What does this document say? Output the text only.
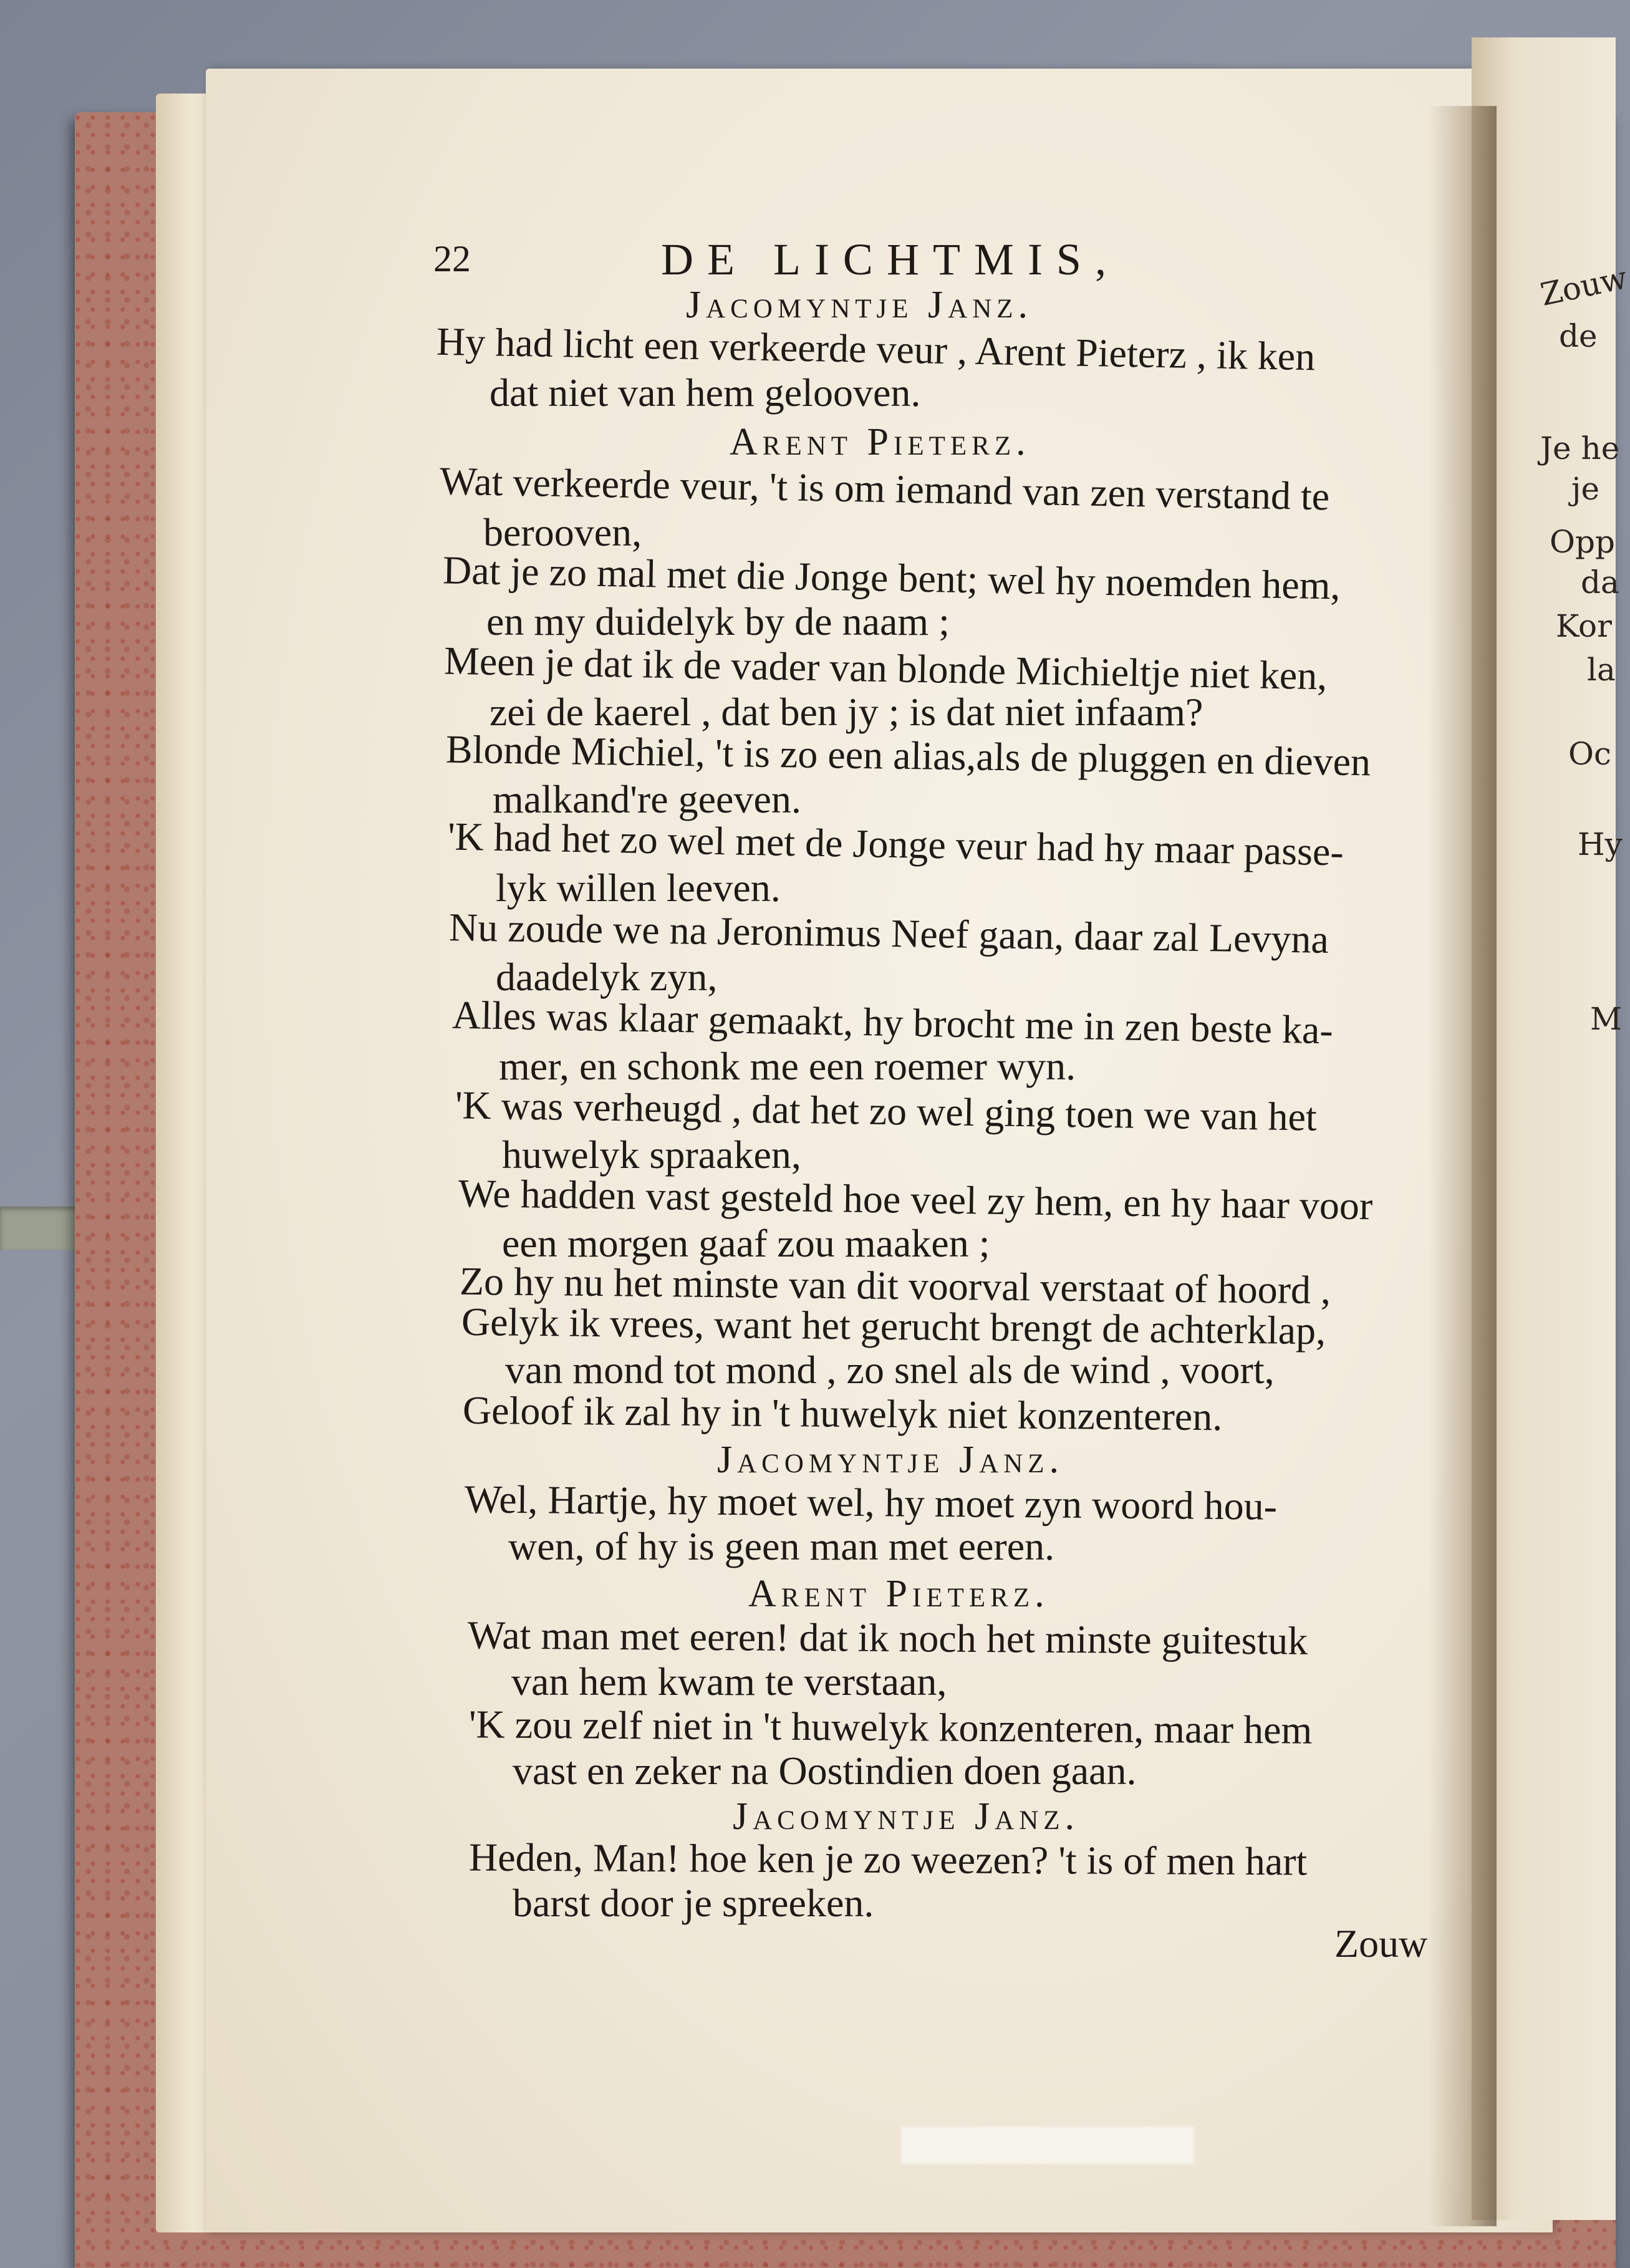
Zouw
de
Je he
je
Opp
da
Kor
la
Oc
Hy
M
22	DE LICHTMIS,
Jacomyntje Janz.
Hy had licht een verkeerde veur , Arent Pieterz , ik ken
dat niet van hem gelooven.
Arent Pieterz.
Wat verkeerde veur, 't is om iemand van zen verstand te
berooven,
Dat je zo mal met die Jonge bent; wel hy noemden hem,
en my duidelyk by de naam ;
Meen je dat ik de vader van blonde Michieltje niet ken,
zei de kaerel , dat ben jy ; is dat niet infaam?
Blonde Michiel, 't is zo een alias,als de pluggen en dieven
malkand're geeven.
'K had het zo wel met de Jonge veur had hy maar passe-
lyk willen leeven.
Nu zoude we na Jeronimus Neef gaan, daar zal Levyna
daadelyk zyn,
Alles was klaar gemaakt, hy brocht me in zen beste ka-
mer, en schonk me een roemer wyn.
'K was verheugd , dat het zo wel ging toen we van het
huwelyk spraaken,
We hadden vast gesteld hoe veel zy hem, en hy haar voor
een morgen gaaf zou maaken ;
Zo hy nu het minste van dit voorval verstaat of hoord ,
Gelyk ik vrees, want het gerucht brengt de achterklap,
van mond tot mond , zo snel als de wind , voort,
Geloof ik zal hy in 't huwelyk niet konzenteren.
Jacomyntje Janz.
Wel, Hartje, hy moet wel, hy moet zyn woord hou-
wen, of hy is geen man met eeren.
Arent Pieterz.
Wat man met eeren! dat ik noch het minste guitestuk
van hem kwam te verstaan,
'K zou zelf niet in 't huwelyk konzenteren, maar hem
vast en zeker na Oostindien doen gaan.
Jacomyntje Janz.
Heden, Man! hoe ken je zo weezen? 't is of men hart
barst door je spreeken.
Zouw
